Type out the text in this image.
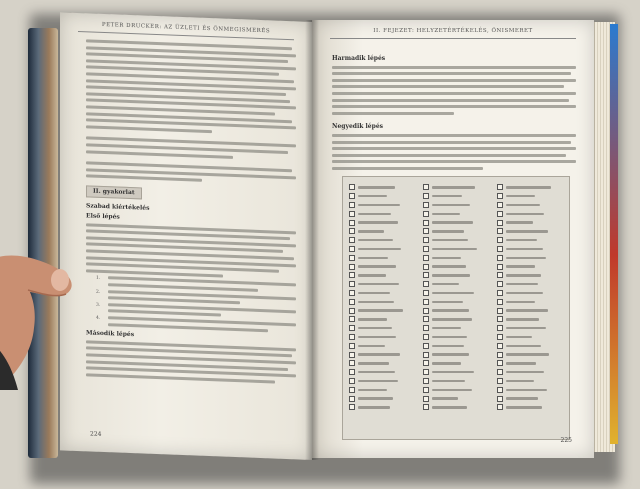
PETER DRUCKER: AZ ÜZLETI ÉS ÖNMEGISMERÉS
II. gyakorlat
Szabad kiértékelés
Első lépés
1.
2.
3.
4.
Második lépés
224
II. FEJEZET: HELYZETÉRTÉKELÉS, ÖNISMERET
Harmadik lépés
Negyedik lépés
225
